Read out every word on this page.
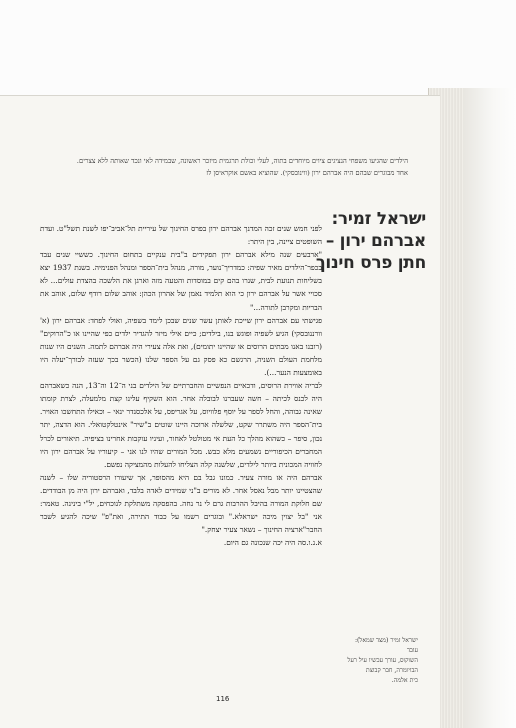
הילדים שהגיעו משפחי הנציגים ציוים מיוחדים בתוה, לעלי וכולת תרגמית מיזכר ראשונה, שבמידה לאי ונכד שאותה ללא צצרים.

אחד מבוגרים שבהם היה אברהם ירון (ווינובסקי). שהוציא באשם אוקראיסן לז

ישראל זמיר:
אברהם ירון –
חתן פרס חינוך

לפני חמש שנים זכה המדנך אברהם ירון בפרס החינוך של עיריית תל־אביב־יפו לשנת תשל"ט. ועדת השופטים ציינה, בין היתר:

"ארבעים שנה מילא אברהם ירון תפקידים ב"בית ענקיים בתחום החינוך. כששיי שנים עבד בכפר־הילדים מאיר שפיה: כמדריך־נוער, מורה, מנהל בית־הספר ומנהל הפנימיה. בשנת 1937 יצא בשליחות תנועת לבית, שנרו בהם קים במוסדות והטעה מזה וארגן את הלשכה בהצדת עולים... לא סכויי אשר על אברהם ירון כי הוא תלמיד נאמן של אהרון הכהן: אוהב שלום רודף שלום, אוהב את הבריות ומקרבן לתורה..."

פגישתי עם אברהם ירון שייכת לאותן עשר שנים שבכן לימד בשפיה, ואולי לפחד: אברהם ירון (א' וורננובסקי) הגיע לשפיה ופוגש בנו, בילדים; כיים אילי מיזר להגדיר ילדים כפי שהיינו או כ"הרוקים" (רובנו באנו מבתים הרוסים או שהיינו יתומים), ואת אלה צעירי היה אברהם לתמה. השנים היו שנות מלחמת העולם השניה, הרגשם כא פסק גם על הספר שלנו (הכשר בכך שעזה לבורך־יעלה היו באומצעות הנער...).

לבריה אווירת הרוסים, ודכאיים הנפשיים והחברתיים של הילדים בני ה־12 וה־13, הנה כשאברהם היה לכנס לכיתה – חשה שעברנו לבובלה אחר. הוא השקיף עלינו קצת מלמעלה, לצרת קומתו שאינה גבוהה, והחל לספר על יוסף פלוויוס, על אגריפס, על אלכסנדר ינאי – וכאילו התחשכו האויר. בית־הספר היה משתרר שקט, שלשלה ארוכה היינו שוטים ב"שיר" אינטלקטואלי. הוא הדצה, יתר נכון, סיפר – כשהוא מהלך כל העת אי מטולטל לאחור, ועיניו עוקבות אחרינו בציפיה. תיאורים לכרל המחברים הכיפוריים נשמעים מלא כבש. מכל המורים שהיו לנו אני – קיעוריו על אברהם ירון היו לחוויה המכונית ביותר לילדים, שלשנה קלה הצליחו להעלות מהמציקה נפשם.

אברהם היה אז מורה צעיר. כמונו גבל בם היא מהסופר, אך שיעורו הרסטוריה שלו – לשנה שהצטיינו יותר מבל נאסל אחר. לא מורים ב"ני שמידים לאדה בלבד, ואברהם ירון היה מן הבודדים. שם חלוקת המורה בהיבל ההרבות גרם לי נר נחה. בהפסקה משתלקת לנוכחים, יל"י בינינה. טאמר: אני "בל יצוין מיכה ישראלא." ובוגרים רשמו על כבוד התירה, ואת"פ" שיכה להגיע לשבר החבר"ארציה החינוך – נשאר צעיר יצחק."

א.נ.ו.סה היה יכה שנכונה גם היום.

ישראל זמיר (מצד שמאל): עובד
השוקוס, עורך עכשיו עיל רעל
הבויומרה, חבר קבוצת
כית אלמה.
116
